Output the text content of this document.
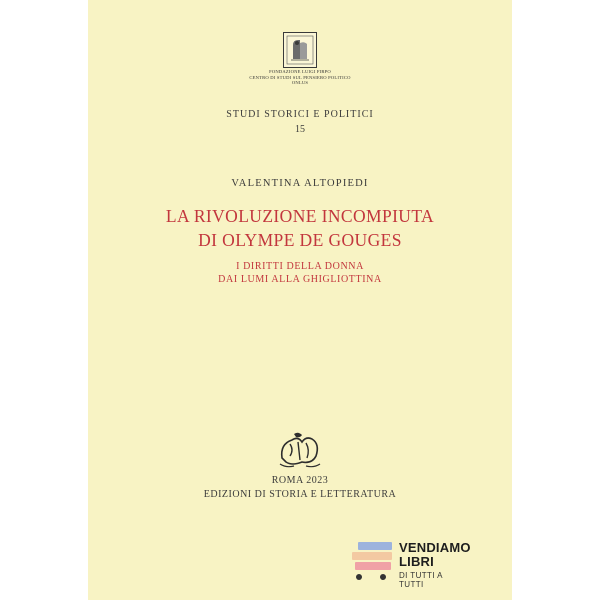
FONDAZIONE LUIGI FIRPO
CENTRO DI STUDI SUL PENSIERO POLITICO
ONLUS
STUDI STORICI E POLITICI
15
VALENTINA ALTOPIEDI
LA RIVOLUZIONE INCOMPIUTA
DI OLYMPE DE GOUGES
I DIRITTI DELLA DONNA
DAI LUMI ALLA GHIGLIOTTINA
ROMA 2023
EDIZIONI DI STORIA E LETTERATURA
VENDIAMO
LIBRI
DI TUTTI A TUTTI
